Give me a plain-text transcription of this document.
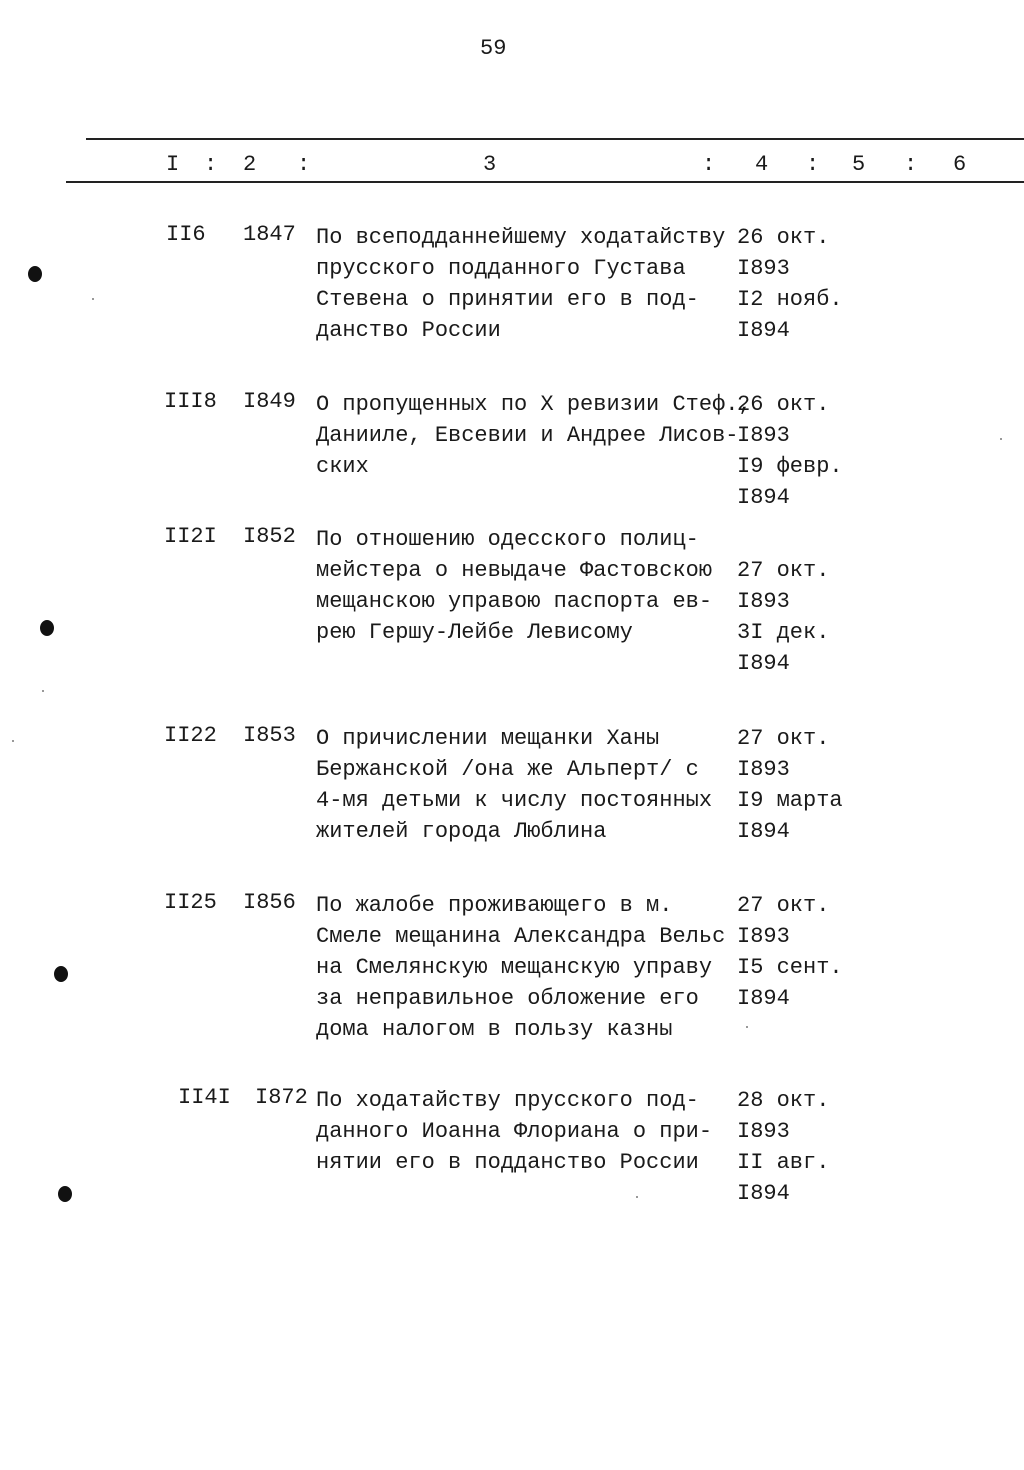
59
I : 2 :	3	: 4 : 5 : 6
II6 1847 По всеподданнейшему ходатайству
прусского подданного Густава
Стевена о принятии его в под-
данство России
26 окт.
I893
I2 нояб.
I894
III8 I849 О пропущенных по Х ревизии Стеф.,
Даниилe, Евсевии и Андрее Лисов-
ских
26 окт.
I893
I9 февр.
I894
II2I I852 По отношению одесского полиц-
мейстера о невыдаче Фастовскою
мещанскою управою паспорта ев-
рею Гершу-Лейбе Левисому

27 окт.
I893
3I дек.
I894
II22 I853 О причислении мещанки Ханы
Бержанской /она же Альперт/ с
4-мя детьми к числу постоянных
жителей города Люблина
27 окт.
I893
I9 марта
I894
II25 I856 По жалобе проживающего в м.
Смеле мещанина Александра Вельс
на Смелянскую мещанскую управу
за неправильное обложение его
дома налогом в пользу казны
27 окт.
I893
I5 сент.
I894
II4I I872 По ходатайству прусского под-
данного Иоанна Флориана о при-
нятии его в подданство России
28 окт.
I893
II авг.
I894
